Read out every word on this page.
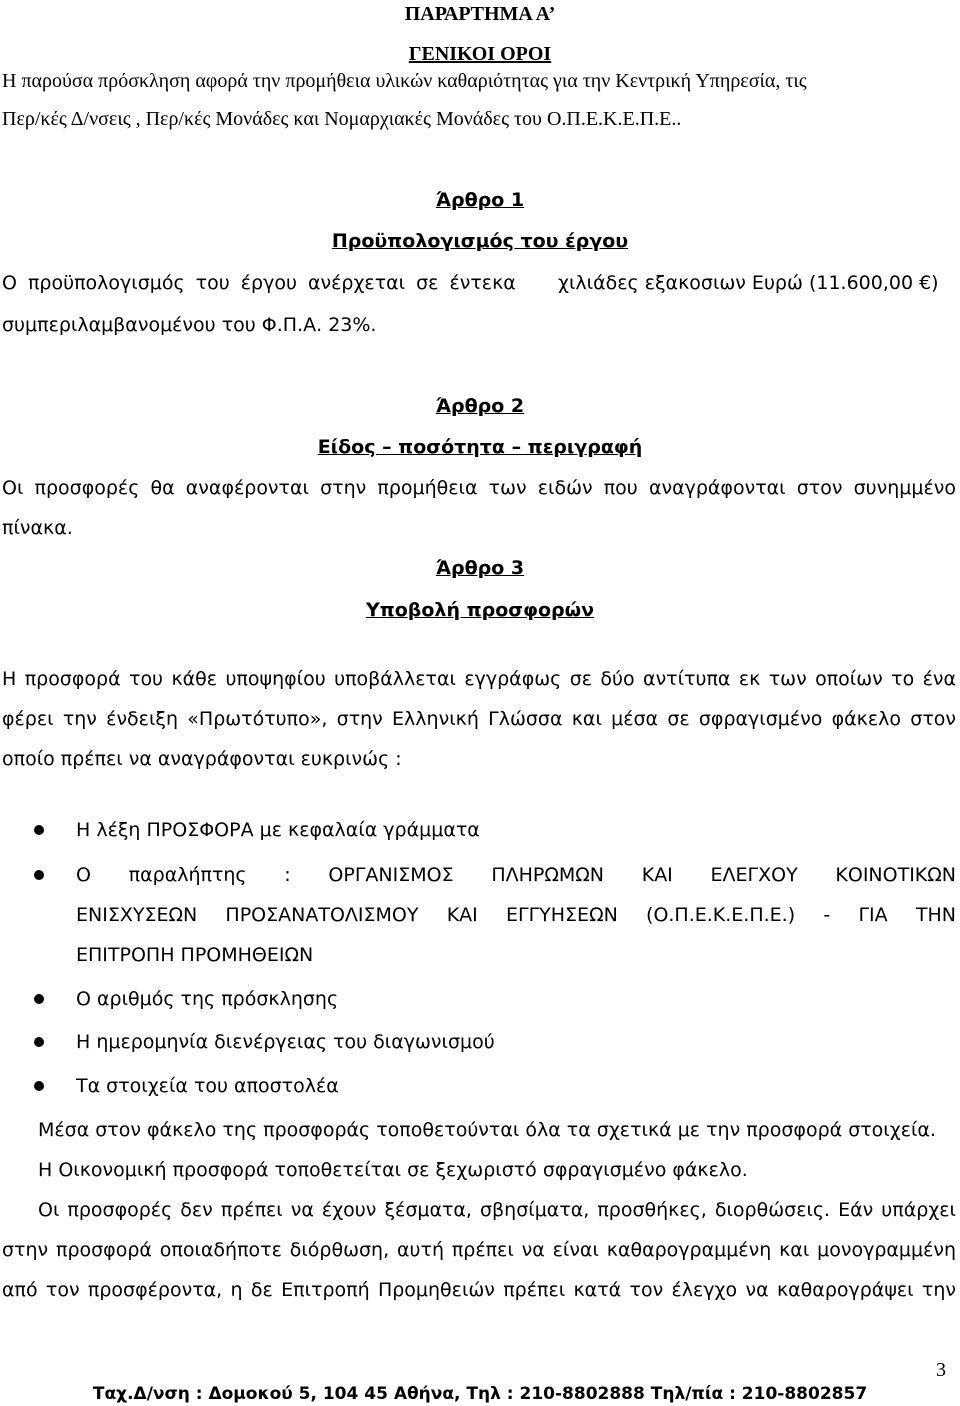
ΠΑΡΑΡΤΗΜΑ Α’
ΓΕΝΙΚΟΙ ΟΡΟΙ
Η παρούσα πρόσκληση αφορά την προμήθεια υλικών καθαριότητας για την Κεντρική Υπηρεσία, τις
Περ/κές Δ/νσεις , Περ/κές Μονάδες και Νομαρχιακές Μονάδες του Ο.Π.Ε.Κ.Ε.Π.Ε..
Άρθρο 1
Προϋπολογισμός του έργου
Ο προϋπολογισμός του έργου ανέρχεται σε έντεκα χιλιάδες εξακοσιων Ευρώ (11.600,00 €)
συμπεριλαμβανομένου του Φ.Π.Α. 23%.
Άρθρο 2
Είδος – ποσότητα – περιγραφή
Οι προσφορές θα αναφέρονται στην προμήθεια των ειδών που αναγράφονται στον συνημμένο
πίνακα.
Άρθρο 3
Υποβολή προσφορών
Η προσφορά του κάθε υποψηφίου υποβάλλεται εγγράφως σε δύο αντίτυπα εκ των οποίων το ένα
φέρει την ένδειξη «Πρωτότυπο», στην Ελληνική Γλώσσα και μέσα σε σφραγισμένο φάκελο στον
οποίο πρέπει να αναγράφονται ευκρινώς :
Η λέξη ΠΡΟΣΦΟΡΑ με κεφαλαία γράμματα
Ο παραλήπτης : ΟΡΓΑΝΙΣΜΟΣ ΠΛΗΡΩΜΩΝ ΚΑΙ ΕΛΕΓΧΟΥ ΚΟΙΝΟΤΙΚΩΝ
ΕΝΙΣΧΥΣΕΩΝ ΠΡΟΣΑΝΑΤΟΛΙΣΜΟΥ ΚΑΙ ΕΓΓΥΗΣΕΩΝ (Ο.Π.Ε.Κ.Ε.Π.Ε.) - ΓΙΑ ΤΗΝ
ΕΠΙΤΡΟΠΗ ΠΡΟΜΗΘΕΙΩΝ
Ο αριθμός της πρόσκλησης
Η ημερομηνία διενέργειας του διαγωνισμού
Τα στοιχεία του αποστολέα
Μέσα στον φάκελο της προσφοράς τοποθετούνται όλα τα σχετικά με την προσφορά στοιχεία.
Η Οικονομική προσφορά τοποθετείται σε ξεχωριστό σφραγισμένο φάκελο.
Οι προσφορές δεν πρέπει να έχουν ξέσματα, σβησίματα, προσθήκες, διορθώσεις. Εάν υπάρχει
στην προσφορά οποιαδήποτε διόρθωση, αυτή πρέπει να είναι καθαρογραμμένη και μονογραμμένη
από τον προσφέροντα, η δε Επιτροπή Προμηθειών πρέπει κατά τον έλεγχο να καθαρογράψει την
3
Ταχ.Δ/νση : Δομοκού 5, 104 45 Αθήνα, Τηλ : 210-8802888 Τηλ/πία : 210-8802857
